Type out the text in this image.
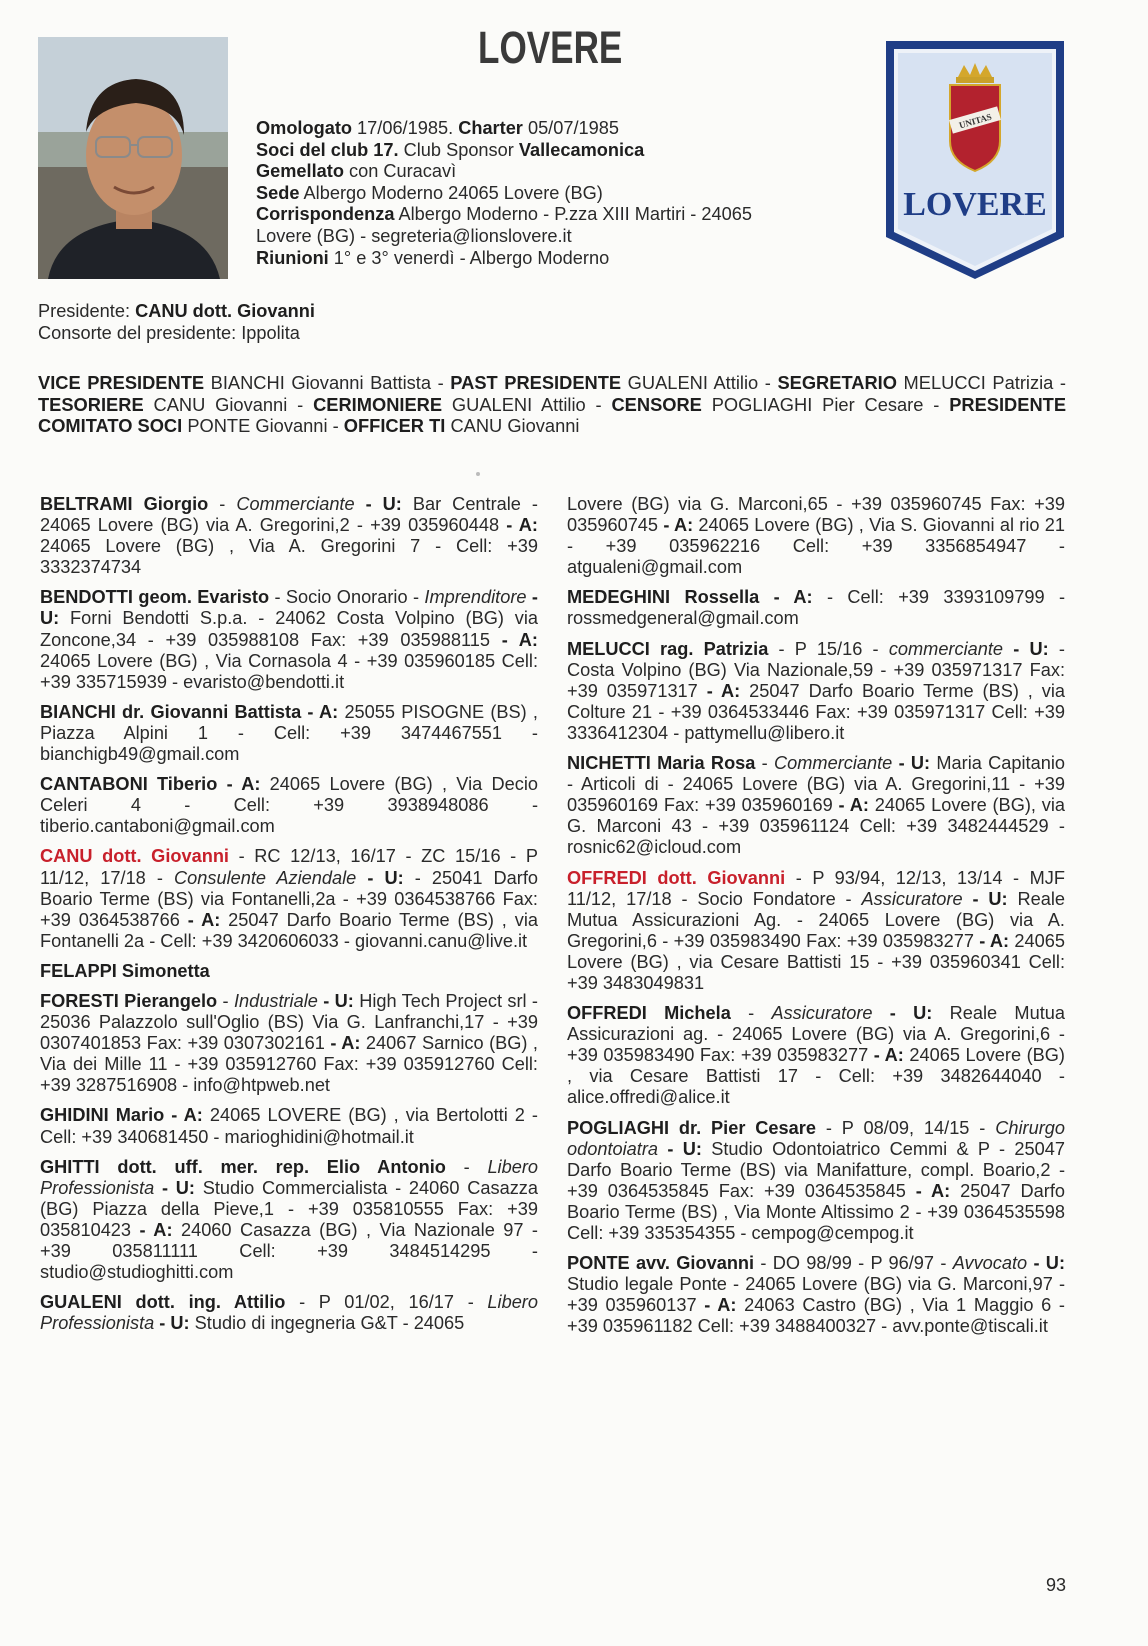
LOVERE
Omologato 17/06/1985. Charter 05/07/1985
Soci del club 17. Club Sponsor Vallecamonica
Gemellato con Curacavì
Sede Albergo Moderno 24065 Lovere (BG)
Corrispondenza Albergo Moderno - P.zza XIII Martiri - 24065
Lovere (BG) - segreteria@lionslovere.it
Riunioni 1° e 3° venerdì - Albergo Moderno
UNITAS
LOVERE
Presidente: CANU dott. Giovanni
Consorte del presidente: Ippolita
VICE PRESIDENTE BIANCHI Giovanni Battista - PAST PRESIDENTE GUALENI Attilio - SEGRETARIO MELUCCI Patrizia - TESORIERE CANU Giovanni - CERIMONIERE GUALENI Attilio - CENSORE POGLIAGHI Pier Cesare - PRESIDENTE COMITATO SOCI PONTE Giovanni - OFFICER TI CANU Giovanni
BELTRAMI Giorgio - Commerciante - U: Bar Centrale - 24065 Lovere (BG) via A. Gregorini,2 - +39 035960448 - A: 24065 Lovere (BG) , Via A. Gregorini 7 - Cell: +39 3332374734
BENDOTTI geom. Evaristo - Socio Onorario - Imprenditore - U: Forni Bendotti S.p.a. - 24062 Costa Volpino (BG) via Zoncone,34 - +39 035988108 Fax: +39 035988115 - A: 24065 Lovere (BG) , Via Cornasola 4 - +39 035960185 Cell: +39 335715939 - evaristo@bendotti.it
BIANCHI dr. Giovanni Battista - A: 25055 PISOGNE (BS) , Piazza Alpini 1 - Cell: +39 3474467551 - bianchigb49@gmail.com
CANTABONI Tiberio - A: 24065 Lovere (BG) , Via Decio Celeri 4 - Cell: +39 3938948086 - tiberio.cantaboni@gmail.com
CANU dott. Giovanni - RC 12/13, 16/17 - ZC 15/16 - P 11/12, 17/18 - Consulente Aziendale - U: - 25041 Darfo Boario Terme (BS) via Fontanelli,2a - +39 0364538766 Fax: +39 0364538766 - A: 25047 Darfo Boario Terme (BS) , via Fontanelli 2a - Cell: +39 3420606033 - giovanni.canu@live.it
FELAPPI Simonetta
FORESTI Pierangelo - Industriale - U: High Tech Project srl - 25036 Palazzolo sull'Oglio (BS) Via G. Lanfranchi,17 - +39 0307401853 Fax: +39 0307302161 - A: 24067 Sarnico (BG) , Via dei Mille 11 - +39 035912760 Fax: +39 035912760 Cell: +39 3287516908 - info@htpweb.net
GHIDINI Mario - A: 24065 LOVERE (BG) , via Bertolotti 2 - Cell: +39 340681450 - marioghidini@hotmail.it
GHITTI dott. uff. mer. rep. Elio Antonio - Libero Professionista - U: Studio Commercialista - 24060 Casazza (BG) Piazza della Pieve,1 - +39 035810555 Fax: +39 035810423 - A: 24060 Casazza (BG) , Via Nazionale 97 - +39 035811111 Cell: +39 3484514295 - studio@studioghitti.com
GUALENI dott. ing. Attilio - P 01/02, 16/17 - Libero Professionista - U: Studio di ingegneria G&T - 24065
Lovere (BG) via G. Marconi,65 - +39 035960745 Fax: +39 035960745 - A: 24065 Lovere (BG) , Via S. Giovanni al rio 21 - +39 035962216 Cell: +39 3356854947 - atgualeni@gmail.com
MEDEGHINI Rossella - A: - Cell: +39 3393109799 - rossmedgeneral@gmail.com
MELUCCI rag. Patrizia - P 15/16 - commerciante - U: - Costa Volpino (BG) Via Nazionale,59 - +39 035971317 Fax: +39 035971317 - A: 25047 Darfo Boario Terme (BS) , via Colture 21 - +39 0364533446 Fax: +39 035971317 Cell: +39 3336412304 - pattymellu@libero.it
NICHETTI Maria Rosa - Commerciante - U: Maria Capitanio - Articoli di - 24065 Lovere (BG) via A. Gregorini,11 - +39 035960169 Fax: +39 035960169 - A: 24065 Lovere (BG), via G. Marconi 43 - +39 035961124 Cell: +39 3482444529 - rosnic62@icloud.com
OFFREDI dott. Giovanni - P 93/94, 12/13, 13/14 - MJF 11/12, 17/18 - Socio Fondatore - Assicuratore - U: Reale Mutua Assicurazioni Ag. - 24065 Lovere (BG) via A. Gregorini,6 - +39 035983490 Fax: +39 035983277 - A: 24065 Lovere (BG) , via Cesare Battisti 15 - +39 035960341 Cell: +39 3483049831
OFFREDI Michela - Assicuratore - U: Reale Mutua Assicurazioni ag. - 24065 Lovere (BG) via A. Gregorini,6 - +39 035983490 Fax: +39 035983277 - A: 24065 Lovere (BG) , via Cesare Battisti 17 - Cell: +39 3482644040 - alice.offredi@alice.it
POGLIAGHI dr. Pier Cesare - P 08/09, 14/15 - Chirurgo odontoiatra - U: Studio Odontoiatrico Cemmi & P - 25047 Darfo Boario Terme (BS) via Manifatture, compl. Boario,2 - +39 0364535845 Fax: +39 0364535845 - A: 25047 Darfo Boario Terme (BS) , Via Monte Altissimo 2 - +39 0364535598 Cell: +39 335354355 - cempog@cempog.it
PONTE avv. Giovanni - DO 98/99 - P 96/97 - Avvocato - U: Studio legale Ponte - 24065 Lovere (BG) via G. Marconi,97 - +39 035960137 - A: 24063 Castro (BG) , Via 1 Maggio 6 - +39 035961182 Cell: +39 3488400327 - avv.ponte@tiscali.it
93
